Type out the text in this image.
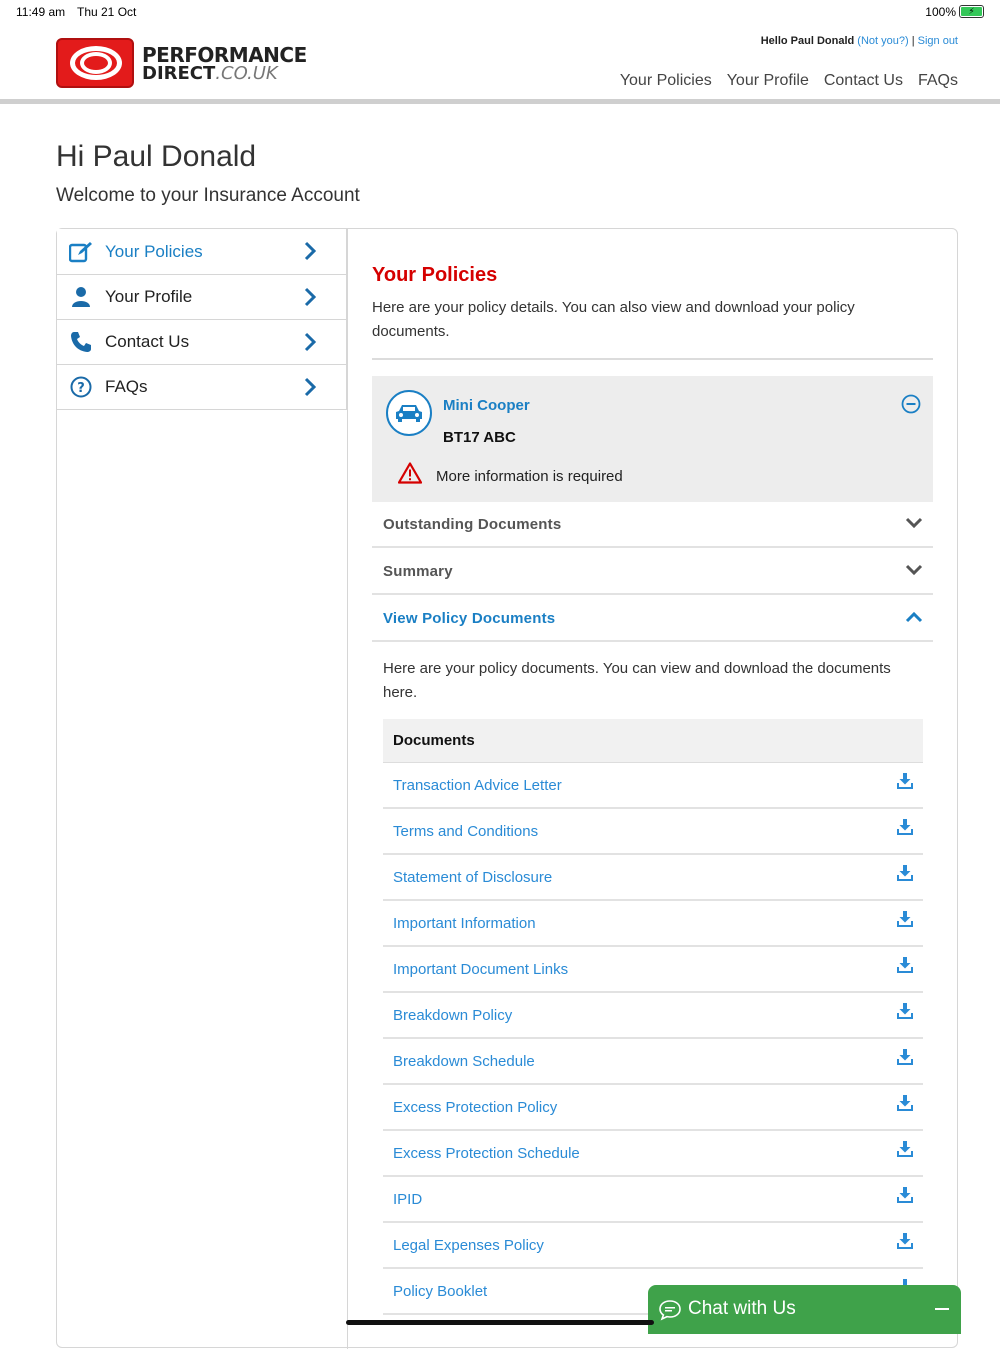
11:49 am Thu 21 Oct	100%	⚡
PERFORMANCE
DIRECT.CO.UK
Hello Paul Donald (Not you?) | Sign out
Your Policies Your Profile Contact Us FAQs
Hi Paul Donald
Welcome to your Insurance Account
Your Policies
Your Profile
Contact Us
? FAQs
Your Policies

Here are your policy details. You can also view and download your policy documents.

Mini Cooper
BT17 ABC
More information is required
Outstanding Documents
Summary
View Policy Documents

Here are your policy documents. You can view and download the documents here.

Documents
Transaction Advice Letter
Terms and Conditions
Statement of Disclosure
Important Information
Important Document Links
Breakdown Policy
Breakdown Schedule
Excess Protection Policy
Excess Protection Schedule
IPID
Legal Expenses Policy
Policy Booklet
Chat with Us
